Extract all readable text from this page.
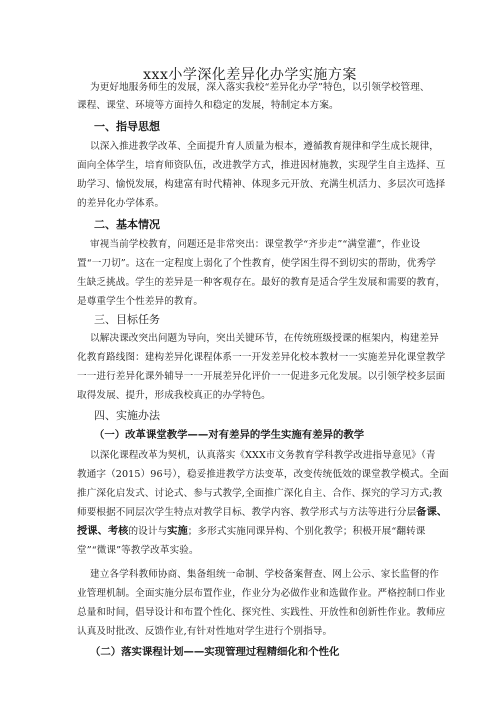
xxx小学深化差异化办学实施方案
为更好地服务师生的发展，深入落实我校“差异化办学”特色，以引领学校管理、
课程、课堂、环境等方面持久和稳定的发展，特制定本方案。
一、指导思想
以深入推进教学改革、全面提升育人质量为根本，遵循教育规律和学生成长规律，
面向全体学生，培育师资队伍，改进教学方式，推进因材施教，实现学生自主选择、互
助学习、愉悦发展，构建富有时代精神、体现多元开放、充满生机活力、多层次可选择
的差异化办学体系。
二、基本情况
审视当前学校教育，问题还是非常突出：课堂教学“齐步走”“满堂灌”，作业设
置“一刀切”。这在一定程度上弱化了个性教育，使学困生得不到切实的帮助，优秀学
生缺乏挑战。学生的差异是一种客观存在。最好的教育是适合学生发展和需要的教育，
是尊重学生个性差异的教育。
三、目标任务
以解决课改突出问题为导向，突出关键环节，在传统班级授课的框架内，构建差异
化教育路线图：建构差异化课程体系一一开发差异化校本教材一一实施差异化课堂教学
一一进行差异化课外辅导一一开展差异化评价一一促进多元化发展。以引领学校多层面
取得发展、提升，形成我校真正的办学特色。
四、实施办法
（一）改革课堂教学——对有差异的学生实施有差异的教学
以深化课程改革为契机，认真落实《XXX市文务教育学科教学改进指导意见》（青
教通字（2015）96号），稳妥推进教学方法变革，改变传统低效的课堂教学模式。全面
推广深化启发式、讨论式、参与式教学,全面推广深化自主、合作、探究的学习方式;教
师要根据不同层次学生特点对教学目标、教学内容、教学形式与方法等进行分层备课、
授课、考核的设计与实施；多形式实施同课异构、个别化教学；积极开展“翻转课
堂”“微课”等教学改革实验。
建立各学科教师协商、集备组统一命制、学校备案督查、网上公示、家长监督的作
业管理机制。全面实施分层布置作业，作业分为必做作业和选做作业。严格控制口作业
总量和时间，倡导设计和布置个性化、探究性、实践性、开放性和创新性作业。教师应
认真及时批改、反馈作业,有针对性地对学生进行个别指导。
（二）落实课程计划——实现管理过程精细化和个性化
